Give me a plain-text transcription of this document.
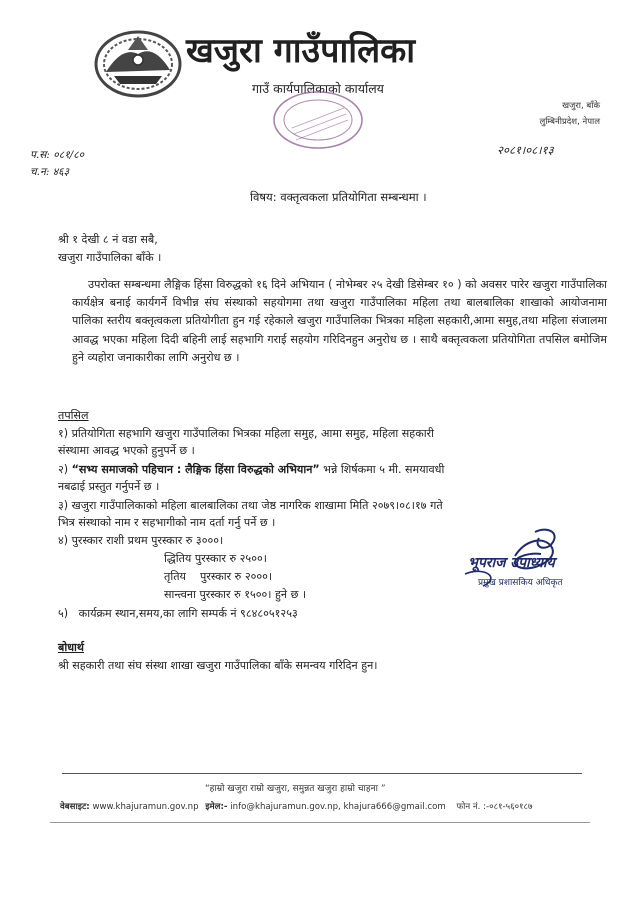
खजुरा गाउँपालिका
गाउँ कार्यपालिकाको कार्यालय
खजुरा, बाँके
लुम्बिनीप्रदेश, नेपाल
प.स: ०८१/८०
च.न: ४६३
२०८१।०८।१३
विषय: वक्तृत्वकला प्रतियोगिता सम्बन्धमा ।
श्री १ देखी ८ नं वडा सबै,
खजुरा गाउँपालिका बाँके ।
उपरोक्त सम्बन्धमा लैङ्गिक हिंसा विरुद्धको १६ दिने अभियान ( नोभेम्बर २५ देखी डिसेम्बर १० ) को अवसर पारेर खजुरा गाउँपालिका कार्यक्षेत्र बनाई कार्यगर्ने विभीन्न संघ संस्थाको सहयोगमा तथा खजुरा गाउँपालिका महिला तथा बालबालिका शाखाको आयोजनामा पालिका स्तरीय बक्तृत्वकला प्रतियोगीता हुन गई रहेकाले खजुरा गाउँपालिका भित्रका महिला सहकारी,आमा समुह,तथा महिला संजालमा आवद्ध भएका महिला दिदी बहिनी लाई सहभागि गराई सहयोग गरिदिनहुन अनुरोध छ । साथै बक्तृत्वकला प्रतियोगिता तपसिल बमोजिम हुने व्यहोरा जनाकारीका लागि अनुरोध छ ।
तपसिल
१) प्रतियोगिता सहभागि खजुरा गाउँपालिका भित्रका महिला समुह, आमा समुह, महिला सहकारी
संस्थामा आवद्ध भएको हुनुपर्ने छ ।
२) “सभ्य समाजको पहिचान : लैङ्गिक हिंसा विरुद्धको अभियान” भन्ने शिर्षकमा ५ मी. समयावधी
नबढाई प्रस्तुत गर्नुपर्ने छ ।
३) खजुरा गाउँपालिकाको महिला बालबालिका तथा जेष्ठ नागरिक शाखामा मिति २०७९।०८।१७ गते
भित्र संस्थाको नाम र सहभागीको नाम दर्ता गर्नु पर्ने छ ।
४) पुरस्कार राशी प्रथम पुरस्कार रु ३०००।
द्धितिय पुरस्कार रु २५००।
तृतिय    पुरस्कार रु २०००।
सान्त्वना पुरस्कार रु १५००। हुने छ ।
५)   कार्यक्रम स्थान,समय,का लागि सम्पर्क नं ९८४८०५१२५३
भूपराज उपाध्याय
प्रमुख प्रशासकिय अधिकृत
बोधार्थ
श्री सहकारी तथा संघ संस्था शाखा खजुरा गाउँपालिका बाँके समन्वय गरिदिन हुन।
“हाम्रो खजुरा राम्रो खजुरा, समुन्नत खजुरा हाम्रो चाहना ”
वेबसाइट: www.khajuramun.gov.np इमेल:- info@khajuramun.gov.np, khajura666@gmail.com फोन नं. :-०८१-५६०१८७
